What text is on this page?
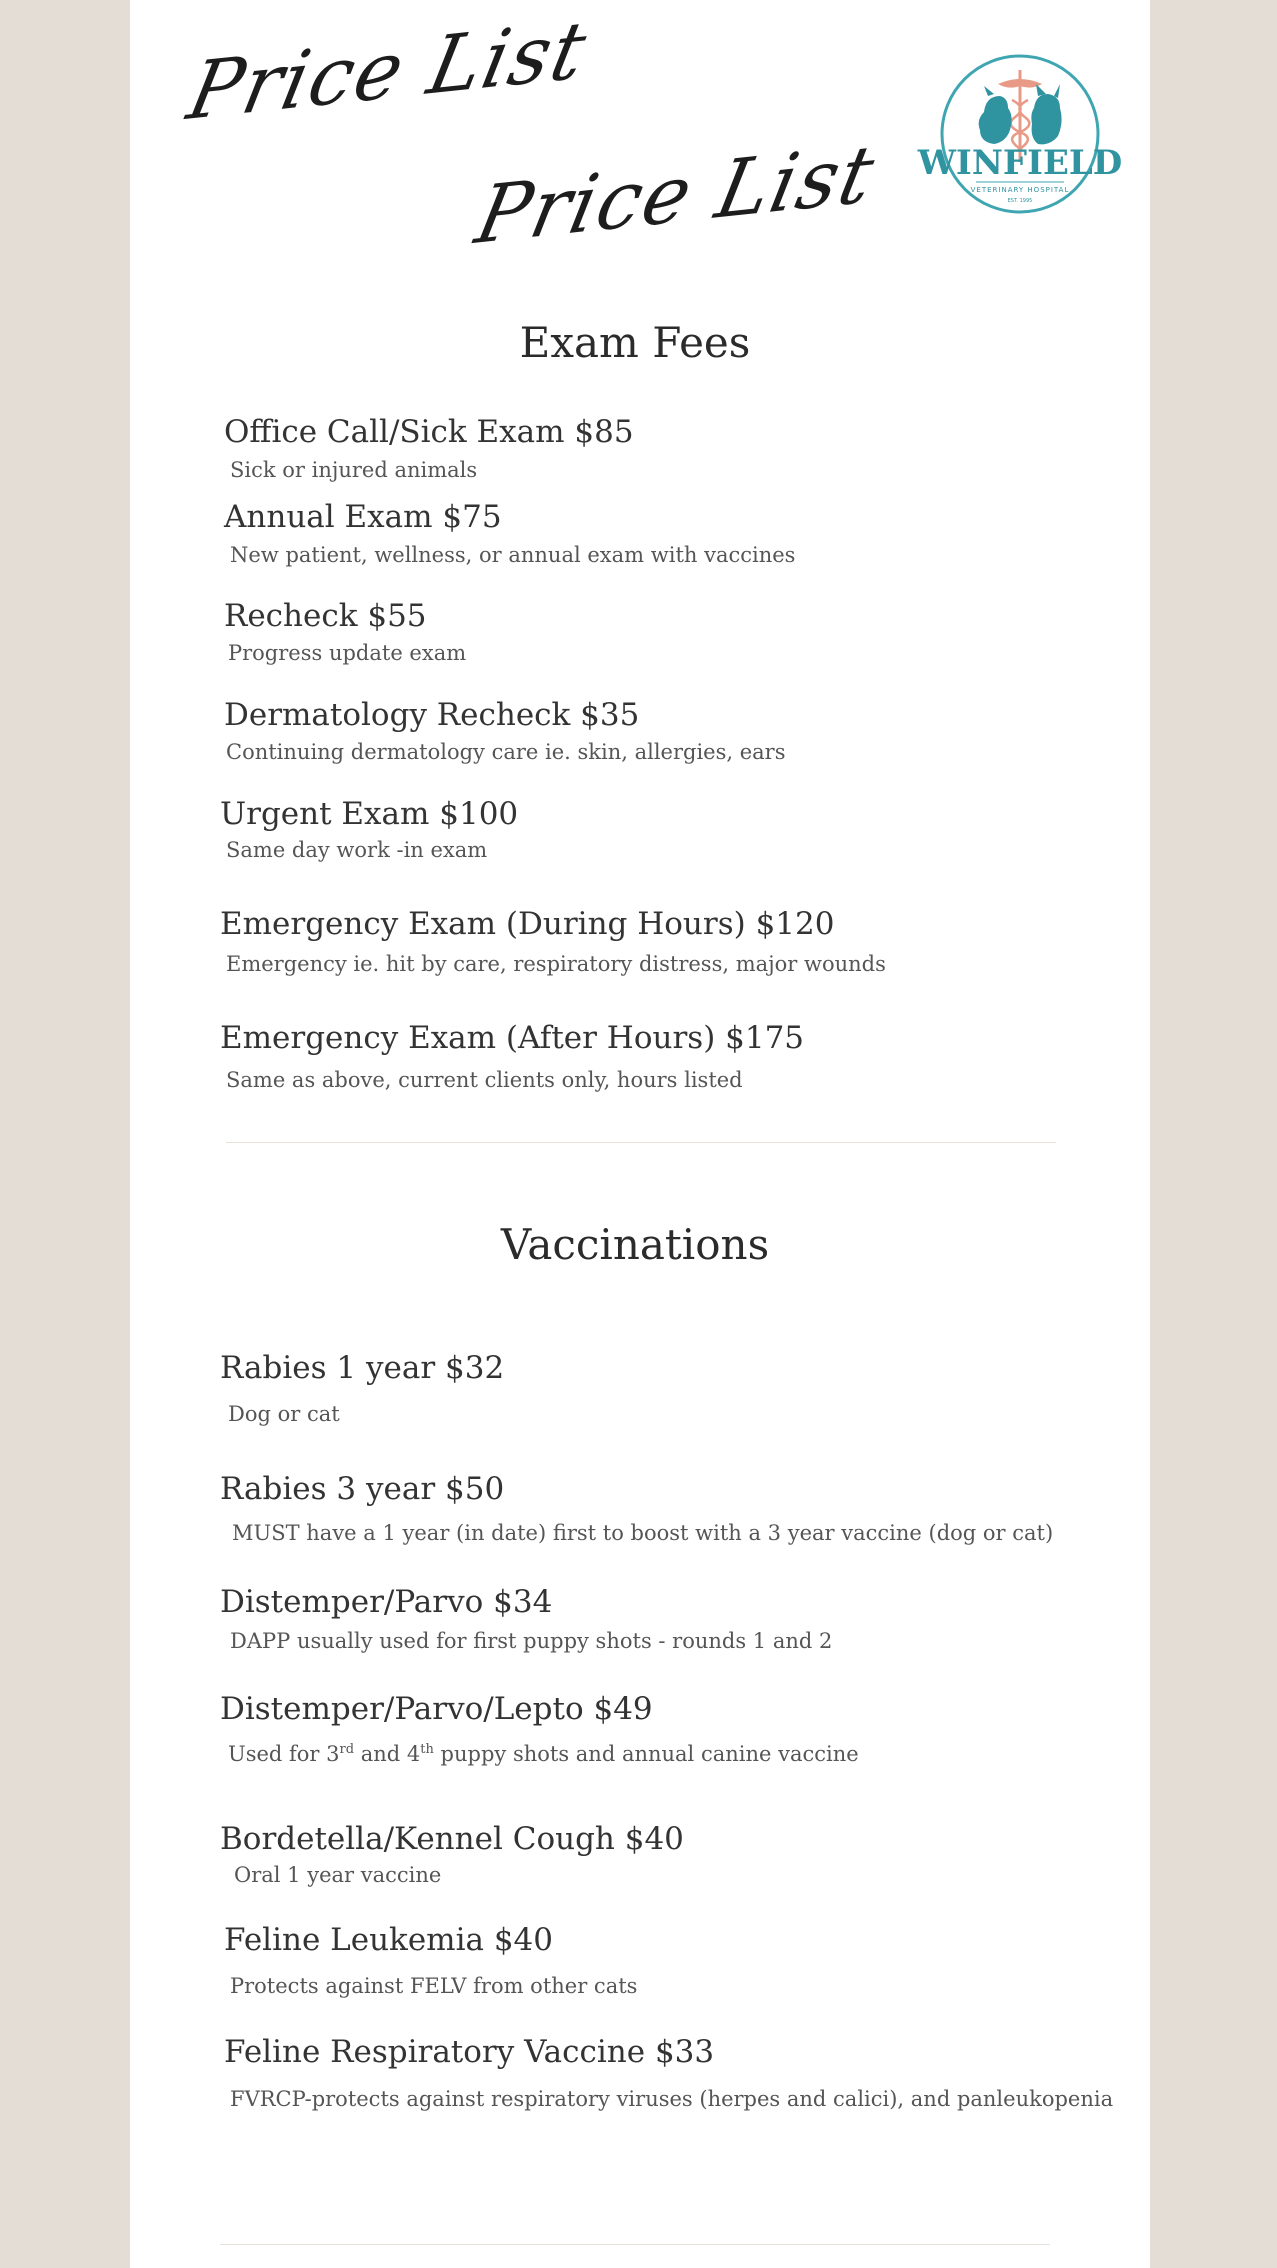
Price List
Price List WINFIELD
VETERINARY HOSPITAL
EST. 1995
Exam Fees
Office Call/Sick Exam $85
Sick or injured animals
Annual Exam $75
New patient, wellness, or annual exam with vaccines
Recheck $55
Progress update exam
Dermatology Recheck $35
Continuing dermatology care ie. skin, allergies, ears
Urgent Exam $100
Same day work -in exam
Emergency Exam (During Hours) $120
Emergency ie. hit by care, respiratory distress, major wounds
Emergency Exam (After Hours) $175
Same as above, current clients only, hours listed
Vaccinations
Rabies 1 year $32
Dog or cat
Rabies 3 year $50
MUST have a 1 year (in date) first to boost with a 3 year vaccine (dog or cat)
Distemper/Parvo $34
DAPP usually used for first puppy shots - rounds 1 and 2
Distemper/Parvo/Lepto $49
Used for 3rd and 4th puppy shots and annual canine vaccine
Bordetella/Kennel Cough $40
Oral 1 year vaccine
Feline Leukemia $40
Protects against FELV from other cats
Feline Respiratory Vaccine $33
FVRCP-protects against respiratory viruses (herpes and calici), and panleukopenia
